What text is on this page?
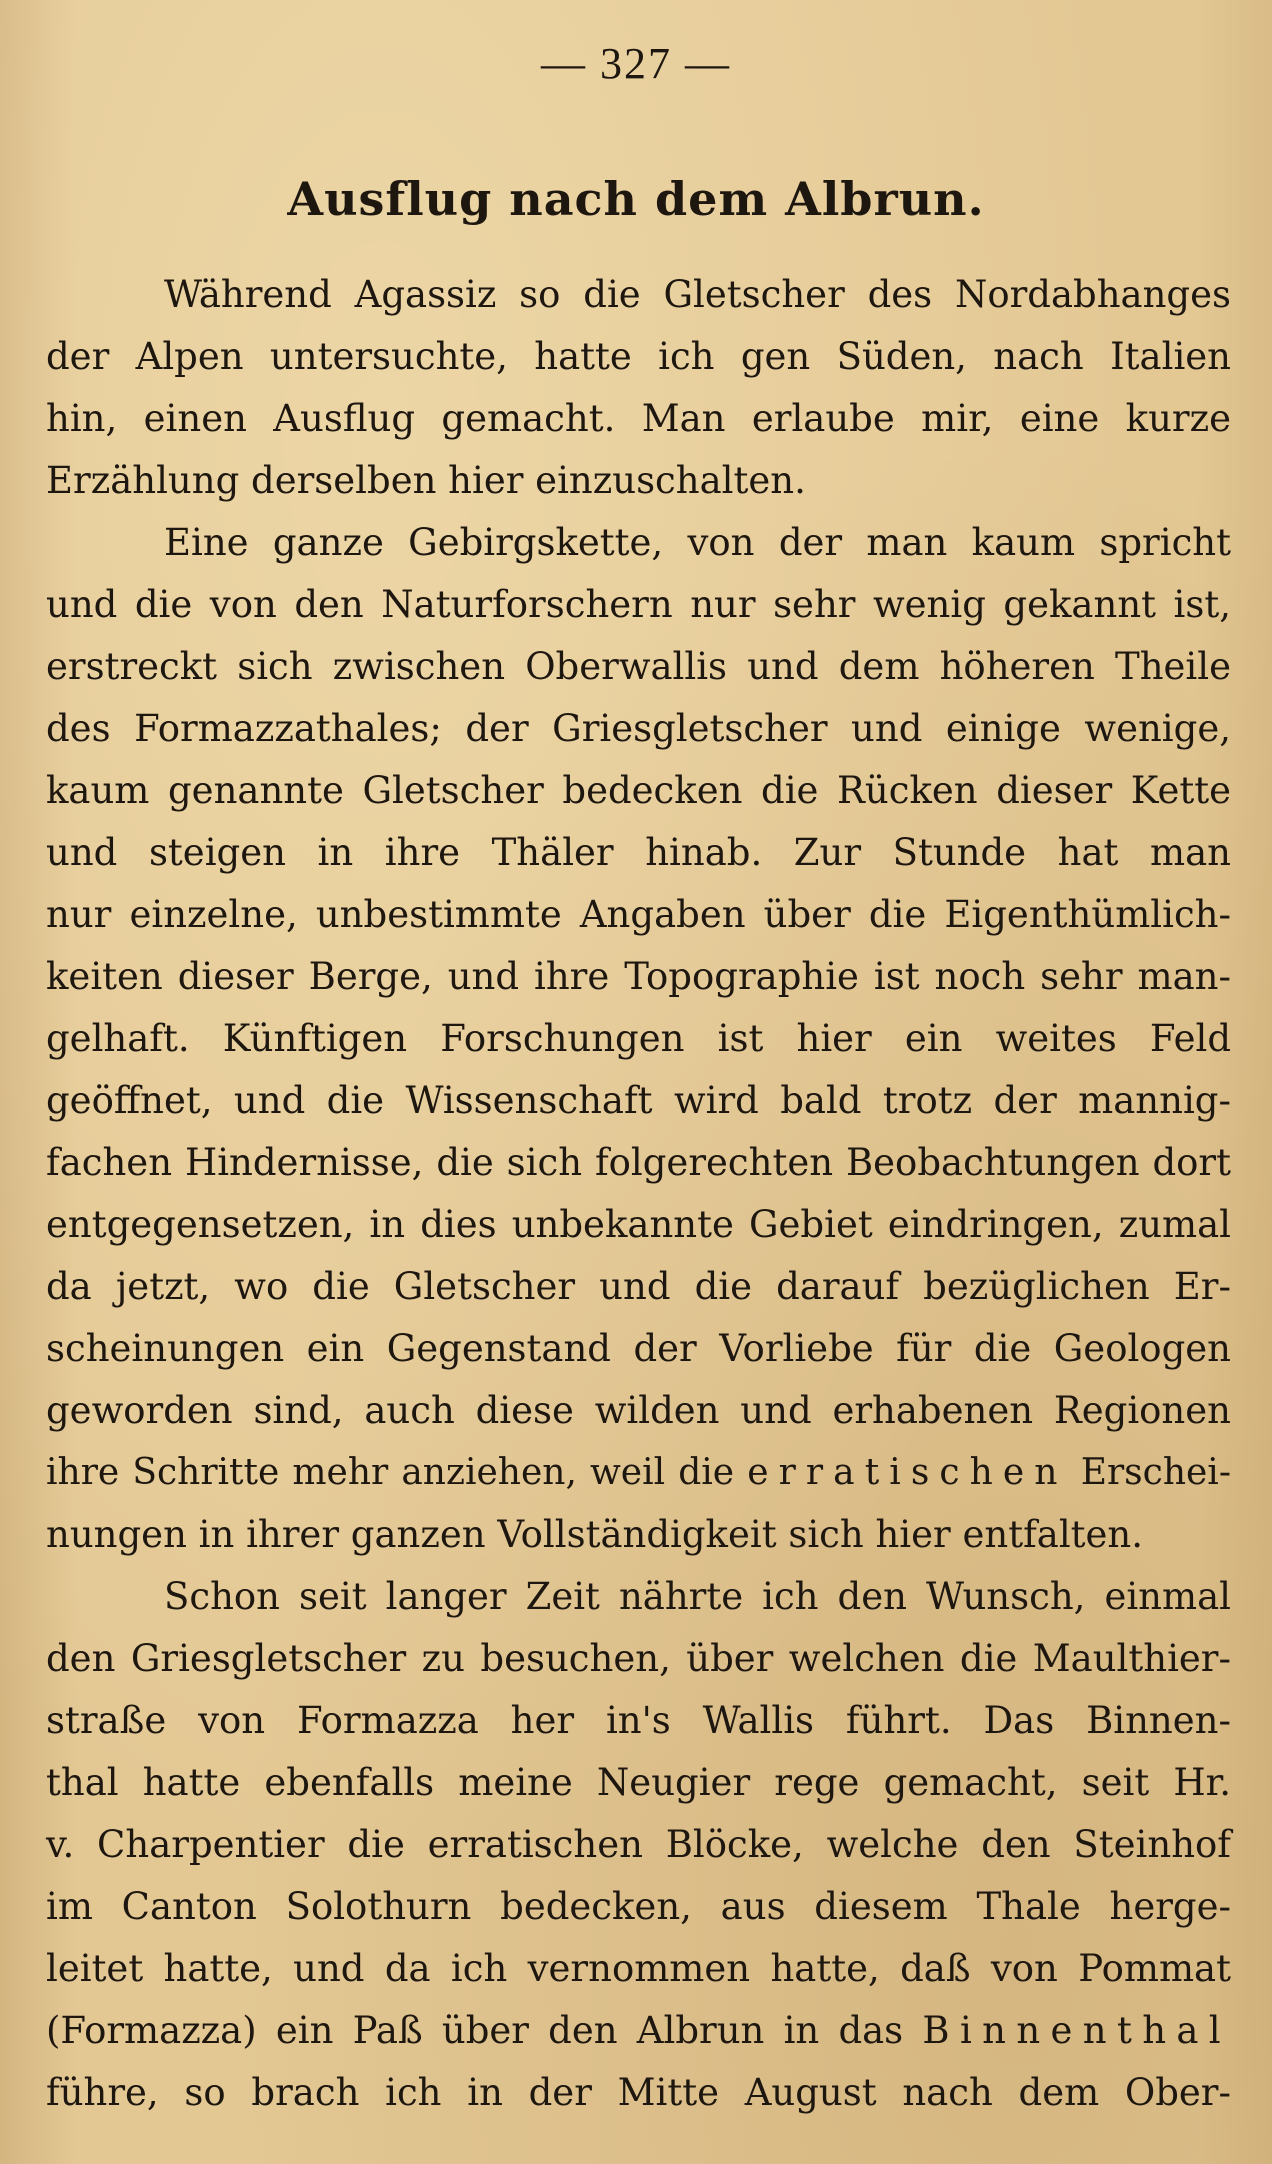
— 327 —
Ausflug nach dem Albrun.
Während Agassiz so die Gletscher des Nordabhanges
der Alpen untersuchte, hatte ich gen Süden, nach Italien
hin, einen Ausflug gemacht. Man erlaube mir, eine kurze
Erzählung derselben hier einzuschalten.
Eine ganze Gebirgskette, von der man kaum spricht
und die von den Naturforschern nur sehr wenig gekannt ist,
erstreckt sich zwischen Oberwallis und dem höheren Theile
des Formazzathales; der Griesgletscher und einige wenige,
kaum genannte Gletscher bedecken die Rücken dieser Kette
und steigen in ihre Thäler hinab. Zur Stunde hat man
nur einzelne, unbestimmte Angaben über die Eigenthümlich-
keiten dieser Berge, und ihre Topographie ist noch sehr man-
gelhaft. Künftigen Forschungen ist hier ein weites Feld
geöffnet, und die Wissenschaft wird bald trotz der mannig-
fachen Hindernisse, die sich folgerechten Beobachtungen dort
entgegensetzen, in dies unbekannte Gebiet eindringen, zumal
da jetzt, wo die Gletscher und die darauf bezüglichen Er-
scheinungen ein Gegenstand der Vorliebe für die Geologen
geworden sind, auch diese wilden und erhabenen Regionen
ihre Schritte mehr anziehen, weil die erratischen Erschei-
nungen in ihrer ganzen Vollständigkeit sich hier entfalten.
Schon seit langer Zeit nährte ich den Wunsch, einmal
den Griesgletscher zu besuchen, über welchen die Maulthier-
straße von Formazza her in's Wallis führt. Das Binnen-
thal hatte ebenfalls meine Neugier rege gemacht, seit Hr.
v. Charpentier die erratischen Blöcke, welche den Steinhof
im Canton Solothurn bedecken, aus diesem Thale herge-
leitet hatte, und da ich vernommen hatte, daß von Pommat
(Formazza) ein Paß über den Albrun in das Binnenthal
führe, so brach ich in der Mitte August nach dem Ober-
